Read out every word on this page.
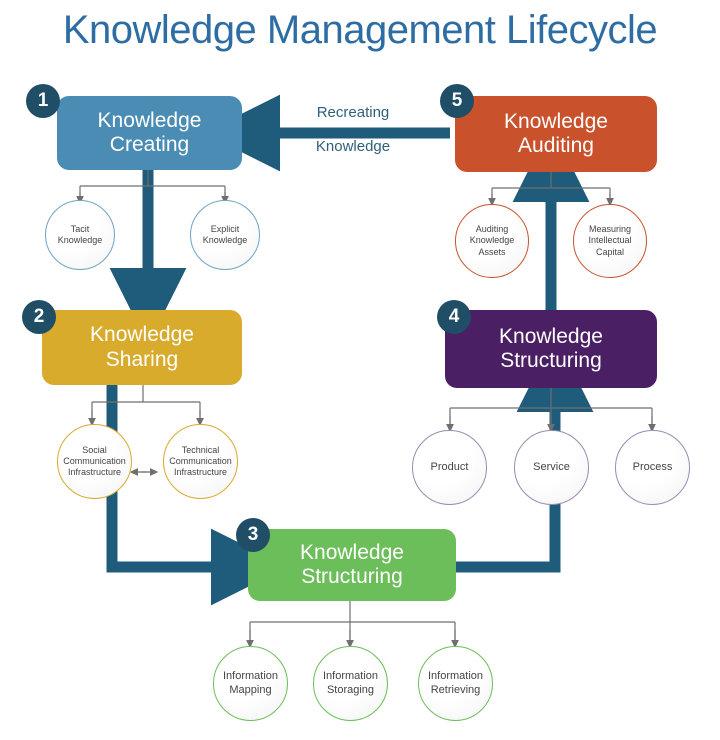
Knowledge Management Lifecycle
Knowledge
Creating
1
Tacit Knowledge
Explicit Knowledge
Knowledge
Sharing
2
Social Communication Infrastructure
Technical Communication Infrastructure
Knowledge
Structuring
3
Information Mapping
Information Storaging
Information Retrieving
Knowledge
Structuring
4
Product	Service	Process
Knowledge
Auditing
5
Auditing Knowledge Assets
Measuring Intellectual Capital
Recreating
Knowledge
